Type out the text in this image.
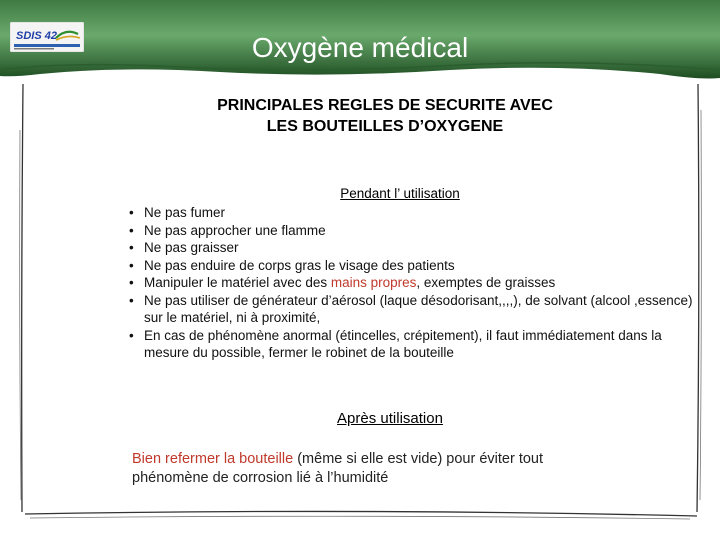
SDIS 42	Oxygène médical
PRINCIPALES REGLES DE SECURITE AVEC
LES BOUTEILLES D’OXYGENE
Pendant l’ utilisation
• Ne pas fumer
• Ne pas approcher une flamme
• Ne pas graisser
• Ne pas enduire de corps gras le visage des patients
• Manipuler le matériel avec des mains propres, exemptes de graisses
• Ne pas utiliser de générateur d’aérosol (laque désodorisant,,,,), de solvant (alcool ,essence) sur le matériel, ni à proximité,
• En cas de phénomène anormal (étincelles, crépitement), il faut immédiatement dans la mesure du possible, fermer le robinet de la bouteille
Après utilisation
Bien refermer la bouteille (même si elle est vide) pour éviter tout phénomène de corrosion lié à l’humidité
